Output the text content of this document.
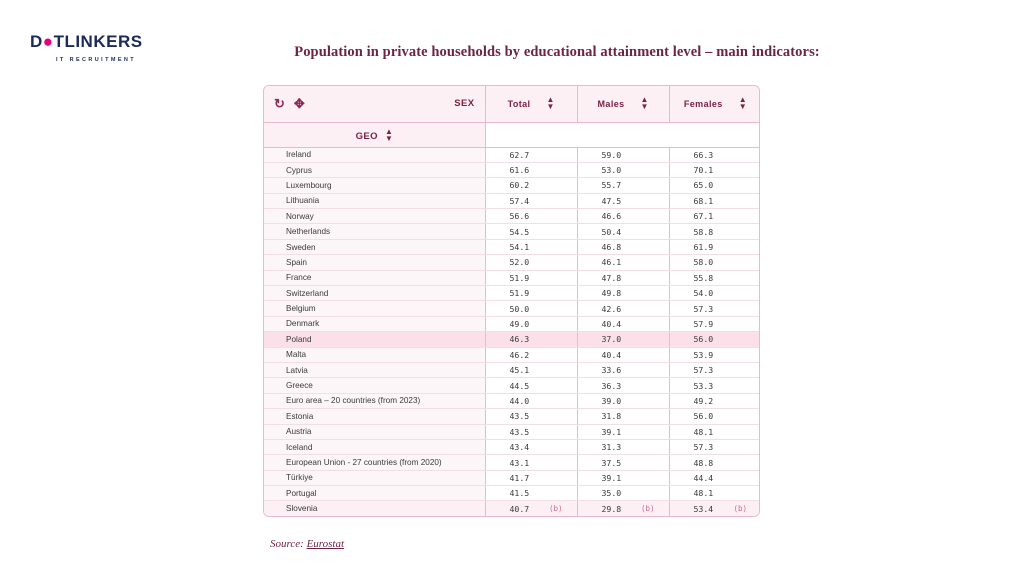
D●TLINKERS
IT RECRUITMENT	Population in private households by educational attainment level – main indicators:
↻ ✥ SEX	Total ▲
▼	Males ▲
▼	Females ▲
▼

GEO ▲
▼			

Ireland	62.7	59.0	66.3
Cyprus	61.6	53.0	70.1
Luxembourg	60.2	55.7	65.0
Lithuania	57.4	47.5	68.1
Norway	56.6	46.6	67.1
Netherlands	54.5	50.4	58.8
Sweden	54.1	46.8	61.9
Spain	52.0	46.1	58.0
France	51.9	47.8	55.8
Switzerland	51.9	49.8	54.0
Belgium	50.0	42.6	57.3
Denmark	49.0	40.4	57.9
Poland	46.3	37.0	56.0
Malta	46.2	40.4	53.9
Latvia	45.1	33.6	57.3
Greece	44.5	36.3	53.3
Euro area – 20 countries (from 2023)	44.0	39.0	49.2
Estonia	43.5	31.8	56.0
Austria	43.5	39.1	48.1
Iceland	43.4	31.3	57.3
European Union - 27 countries (from 2020)	43.1	37.5	48.8
Türkiye	41.7	39.1	44.4
Portugal	41.5	35.0	48.1
Slovenia	40.7 (b)	29.8 (b)	53.4 (b)
Source: Eurostat
